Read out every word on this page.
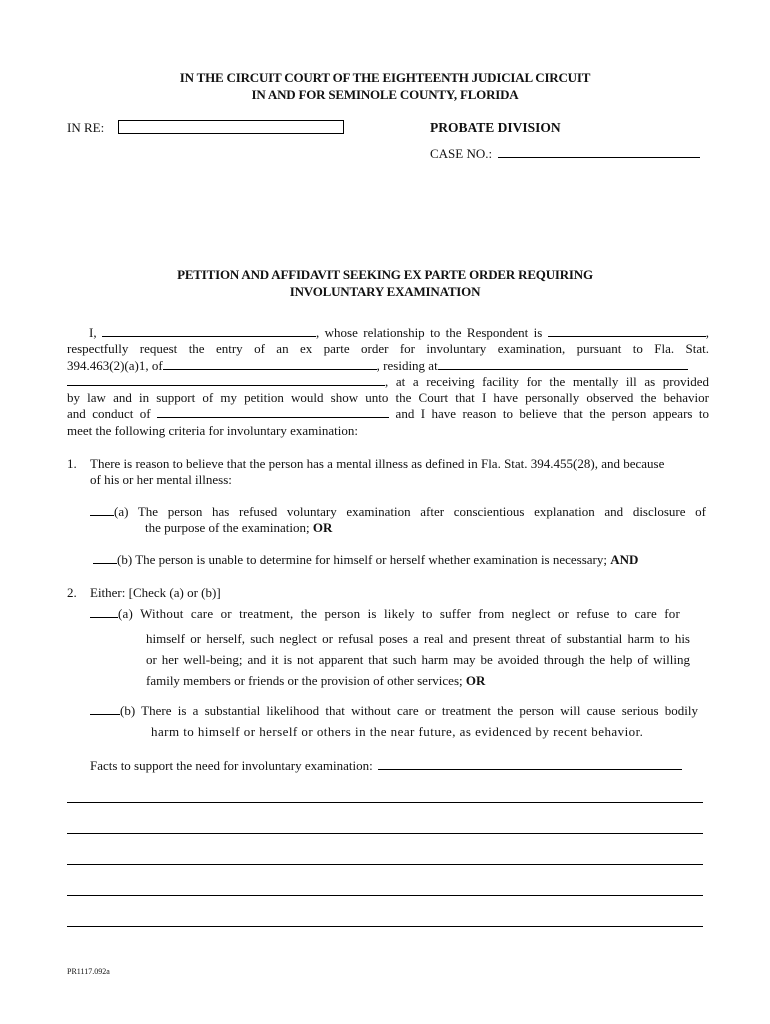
IN THE CIRCUIT COURT OF THE EIGHTEENTH JUDICIAL CIRCUIT
IN AND FOR SEMINOLE COUNTY, FLORIDA
IN RE:	PROBATE DIVISION
CASE NO.:
PETITION AND AFFIDAVIT SEEKING EX PARTE ORDER REQUIRING
INVOLUNTARY EXAMINATION
I,	, whose relationship to the Respondent is	,
respectfully request the entry of an ex parte order for involuntary examination, pursuant to Fla. Stat.
394.463(2)(a)1, of	, residing at
, at a receiving facility for the mentally ill as provided
by law and in support of my petition would show unto the Court that I have personally observed the behavior
and conduct of	and I have reason to believe that the person appears to
meet the following criteria for involuntary examination:
1. There is reason to believe that the person has a mental illness as defined in Fla. Stat. 394.455(28), and because
of his or her mental illness:
(a) The person has refused voluntary examination after conscientious explanation and disclosure of
the purpose of the examination; OR
(b) The person is unable to determine for himself or herself whether examination is necessary; AND
2. Either: [Check (a) or (b)]
(a) Without care or treatment, the person is likely to suffer from neglect or refuse to care for
himself or herself, such neglect or refusal poses a real and present threat of substantial harm to his
or her well-being; and it is not apparent that such harm may be avoided through the help of willing
family members or friends or the provision of other services; OR
(b) There is a substantial likelihood that without care or treatment the person will cause serious bodily
harm to himself or herself or others in the near future, as evidenced by recent behavior.
Facts to support the need for involuntary examination:
PR1117.092a
